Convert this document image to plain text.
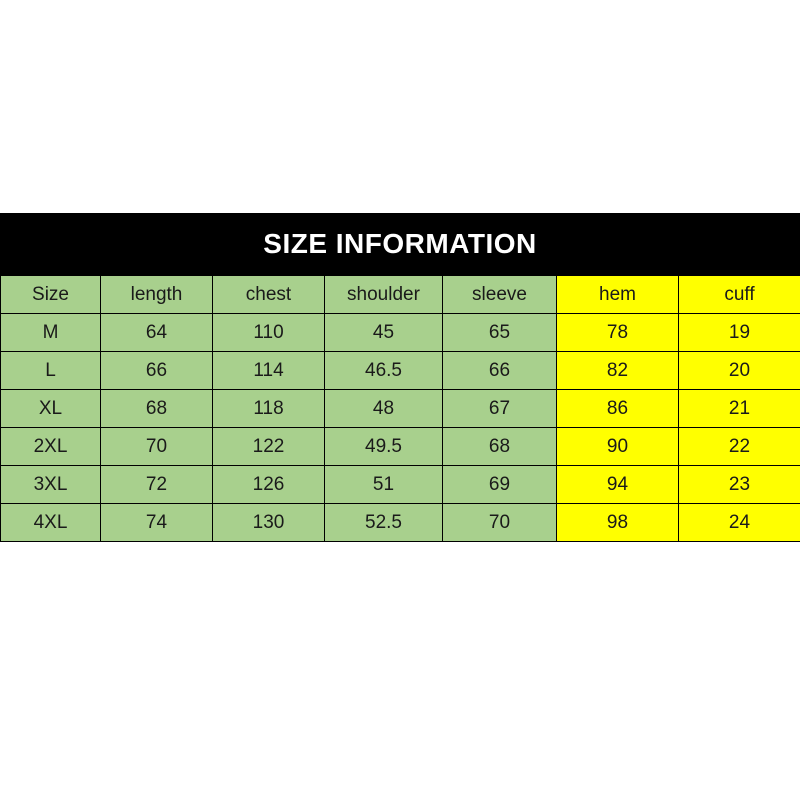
SIZE INFORMATION
Size	length	chest	shoulder	sleeve	hem	cuff
M	64	110	45	65	78	19
L	66	114	46.5	66	82	20
XL	68	118	48	67	86	21
2XL	70	122	49.5	68	90	22
3XL	72	126	51	69	94	23
4XL	74	130	52.5	70	98	24
